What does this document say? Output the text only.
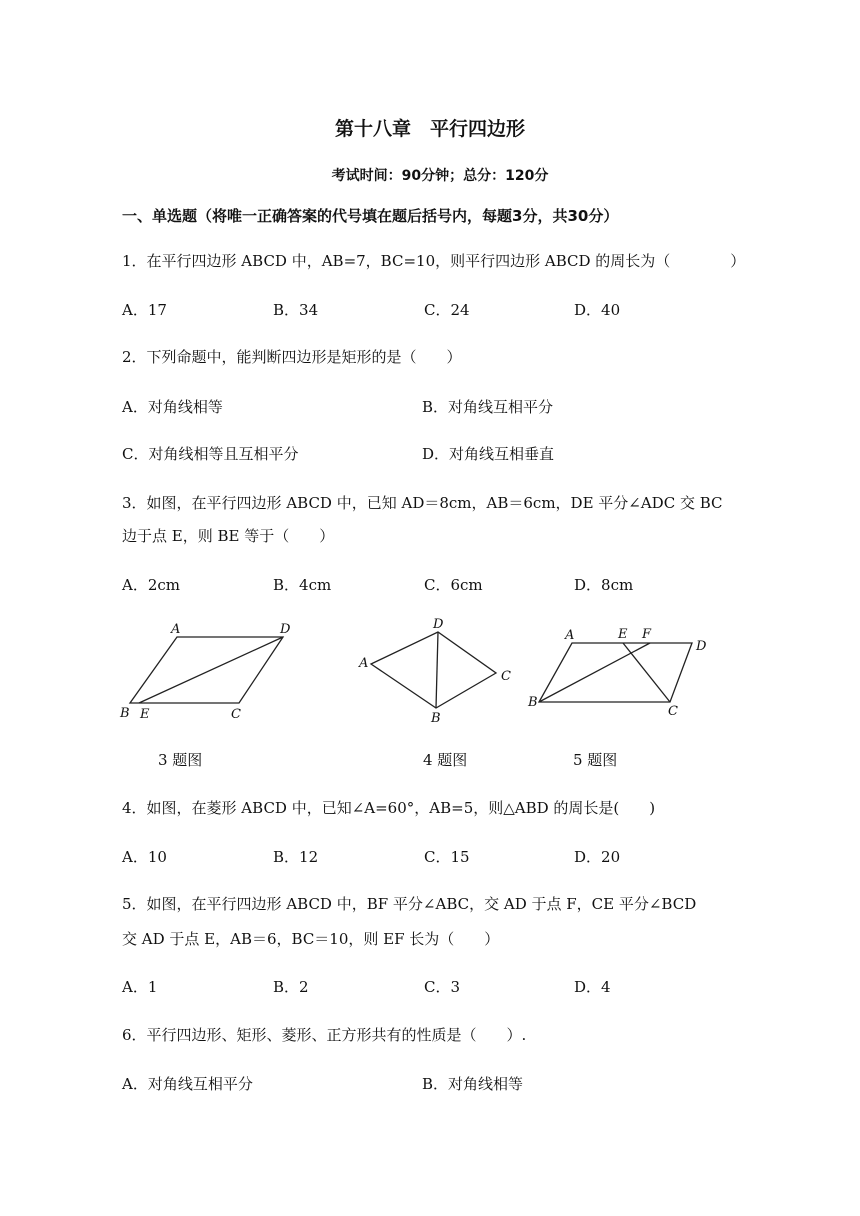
第十八章　平行四边形
考试时间：90分钟；总分：120分
一、单选题（将唯一正确答案的代号填在题后括号内，每题3分，共30分）
1．在平行四边形 ABCD 中，AB=7，BC=10，则平行四边形 ABCD 的周长为（　　　　）
A．17	B．34	C．24	D．40
2．下列命题中，能判断四边形是矩形的是（　　）
A．对角线相等	B．对角线互相平分
C．对角线相等且互相平分	D．对角线互相垂直
3．如图，在平行四边形 ABCD 中，已知 AD＝8cm，AB＝6cm，DE 平分∠ADC 交 BC
边于点 E，则 BE 等于（　　）
A．2cm	B．4cm	C．6cm	D．8cm
A	D
B E	C
D
A
C
B
A	E F
D
B
C
3 题图	4 题图	5 题图
4．如图，在菱形 ABCD 中，已知∠A=60°，AB=5，则△ABD 的周长是(　　)
A．10	B．12	C．15	D．20
5．如图，在平行四边形 ABCD 中，BF 平分∠ABC，交 AD 于点 F，CE 平分∠BCD
交 AD 于点 E，AB＝6，BC＝10，则 EF 长为（　　）
A．1	B．2	C．3	D．4
6．平行四边形、矩形、菱形、正方形共有的性质是（　　）.
A．对角线互相平分	B．对角线相等
